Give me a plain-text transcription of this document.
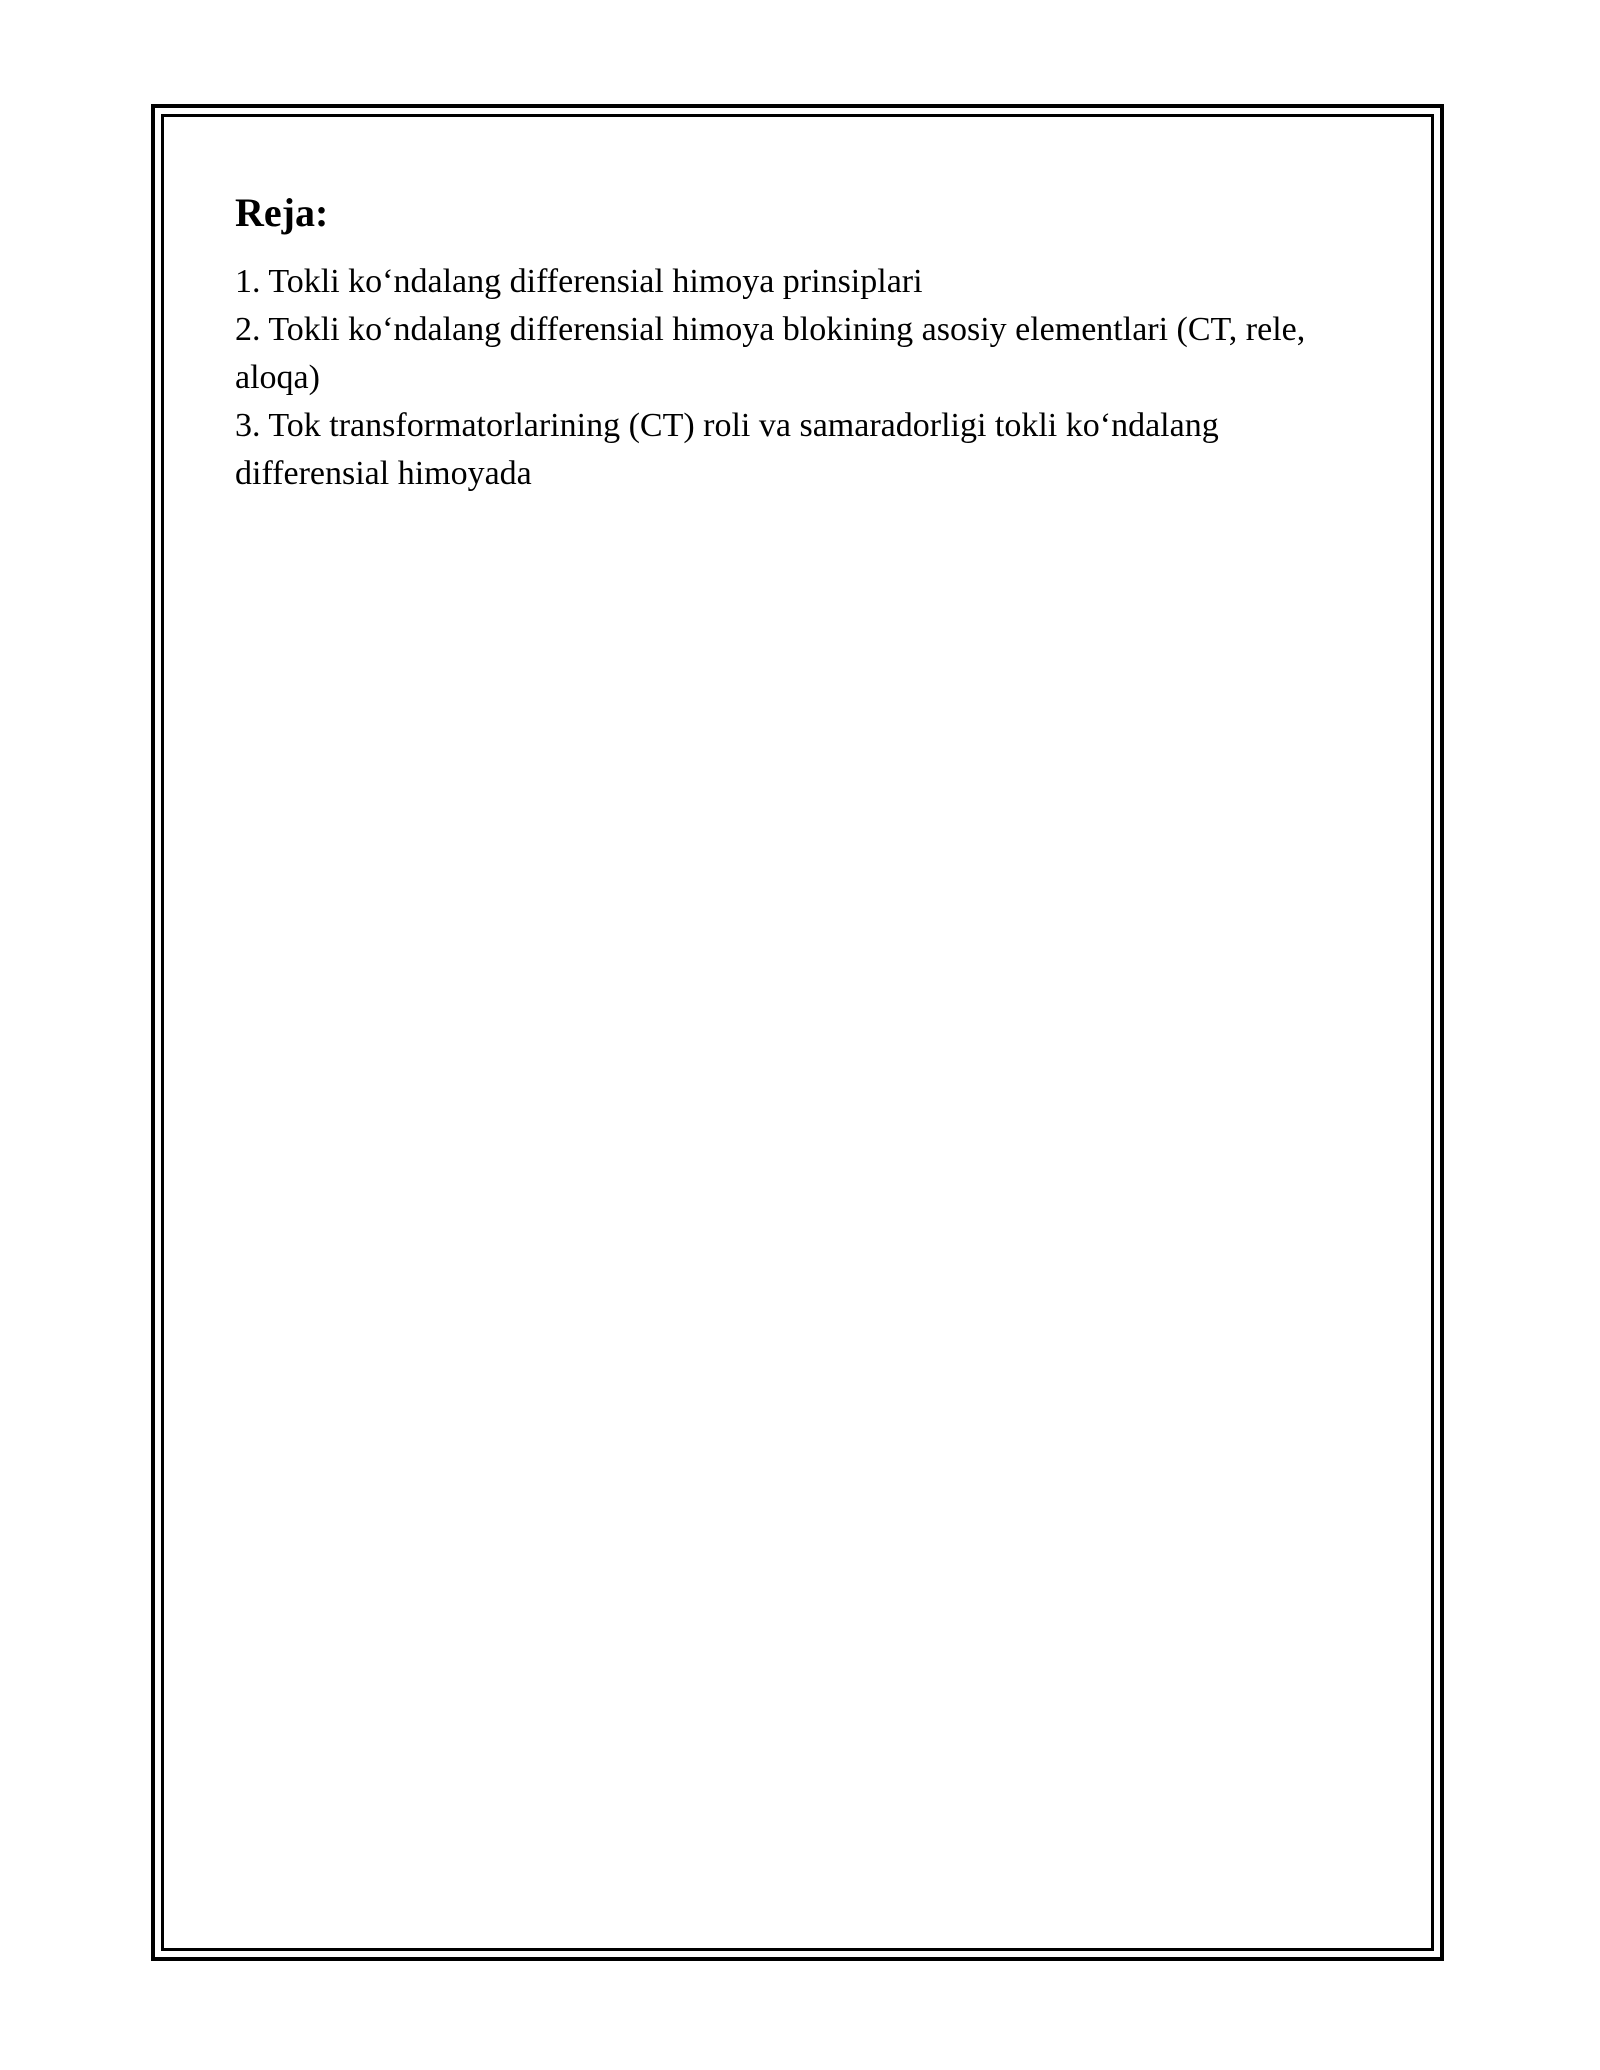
Reja:
1. Tokli ko‘ndalang differensial himoya prinsiplari
2. Tokli ko‘ndalang differensial himoya blokining asosiy elementlari (CT, rele, aloqa)
3. Tok transformatorlarining (CT) roli va samaradorligi tokli ko‘ndalang differensial himoyada
